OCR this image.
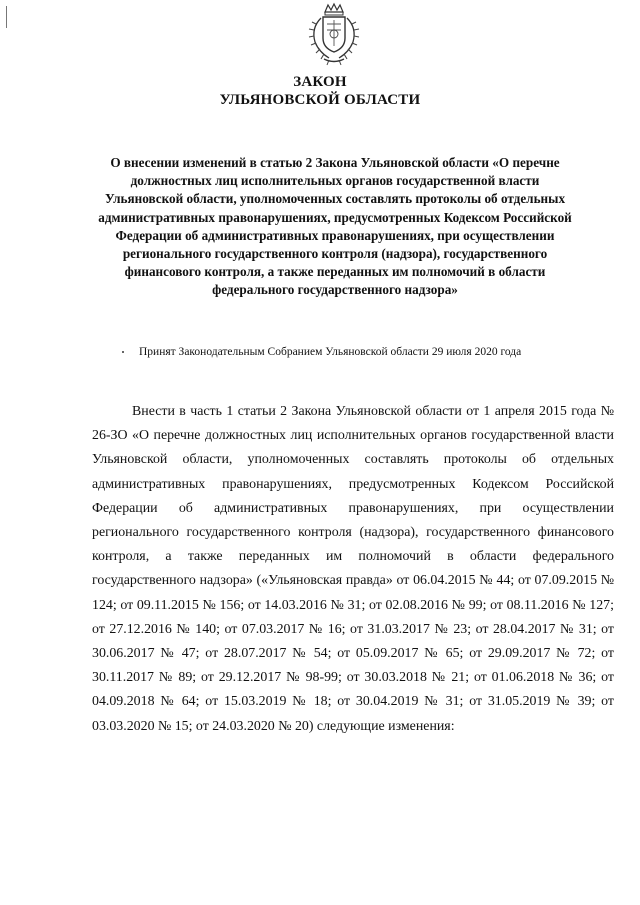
ЗАКОН
УЛЬЯНОВСКОЙ ОБЛАСТИ
О внесении изменений в статью 2 Закона Ульяновской области «О перечне должностных лиц исполнительных органов государственной власти Ульяновской области, уполномоченных составлять протоколы об отдельных административных правонарушениях, предусмотренных Кодексом Российской Федерации об административных правонарушениях, при осуществлении регионального государственного контроля (надзора), государственного финансового контроля, а также переданных им полномочий в области федерального государственного надзора»
Принят Законодательным Собранием Ульяновской области 29 июля 2020 года

Внести в часть 1 статьи 2 Закона Ульяновской области от 1 апреля 2015 года № 26-ЗО «О перечне должностных лиц исполнительных органов государственной власти Ульяновской области, уполномоченных составлять протоколы об отдельных административных правонарушениях, предусмотренных Кодексом Российской Федерации об административных правонарушениях, при осуществлении регионального государственного контроля (надзора), государственного финансового контроля, а также переданных им полномочий в области федерального государственного надзора» («Ульяновская правда» от 06.04.2015 № 44; от 07.09.2015 № 124; от 09.11.2015 № 156; от 14.03.2016 № 31; от 02.08.2016 № 99; от 08.11.2016 № 127; от 27.12.2016 № 140; от 07.03.2017 № 16; от 31.03.2017 № 23; от 28.04.2017 № 31; от 30.06.2017 № 47; от 28.07.2017 № 54; от 05.09.2017 № 65; от 29.09.2017 № 72; от 30.11.2017 № 89; от 29.12.2017 № 98-99; от 30.03.2018 № 21; от 01.06.2018 № 36; от 04.09.2018 № 64; от 15.03.2019 № 18; от 30.04.2019 № 31; от 31.05.2019 № 39; от 03.03.2020 № 15; от 24.03.2020 № 20) следующие изменения:
